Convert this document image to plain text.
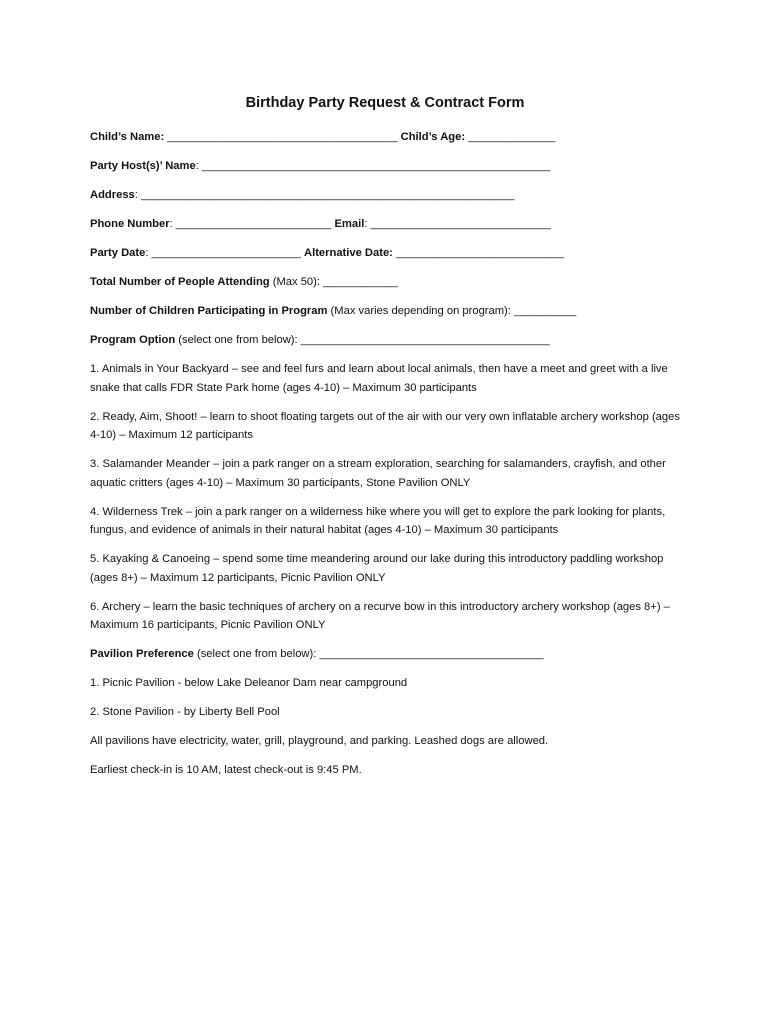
Birthday Party Request & Contract Form
Child’s Name: _____________________________________ Child’s Age: ______________
Party Host(s)’ Name: ________________________________________________________
Address: ____________________________________________________________
Phone Number: _________________________ Email: _____________________________
Party Date: ________________________ Alternative Date: ___________________________
Total Number of People Attending (Max 50): ____________
Number of Children Participating in Program (Max varies depending on program): __________
Program Option (select one from below): ________________________________________
1. Animals in Your Backyard – see and feel furs and learn about local animals, then have a meet and greet with a live snake that calls FDR State Park home (ages 4-10) – Maximum 30 participants
2. Ready, Aim, Shoot! – learn to shoot floating targets out of the air with our very own inflatable archery workshop (ages 4-10) – Maximum 12 participants
3. Salamander Meander – join a park ranger on a stream exploration, searching for salamanders, crayfish, and other aquatic critters (ages 4-10) – Maximum 30 participants, Stone Pavilion ONLY
4. Wilderness Trek – join a park ranger on a wilderness hike where you will get to explore the park looking for plants, fungus, and evidence of animals in their natural habitat (ages 4-10) – Maximum 30 participants
5. Kayaking & Canoeing – spend some time meandering around our lake during this introductory paddling workshop (ages 8+) – Maximum 12 participants, Picnic Pavilion ONLY
6. Archery – learn the basic techniques of archery on a recurve bow in this introductory archery workshop (ages 8+) – Maximum 16 participants, Picnic Pavilion ONLY
Pavilion Preference (select one from below): ____________________________________
1. Picnic Pavilion - below Lake Deleanor Dam near campground
2. Stone Pavilion - by Liberty Bell Pool
All pavilions have electricity, water, grill, playground, and parking. Leashed dogs are allowed.
Earliest check-in is 10 AM, latest check-out is 9:45 PM.
